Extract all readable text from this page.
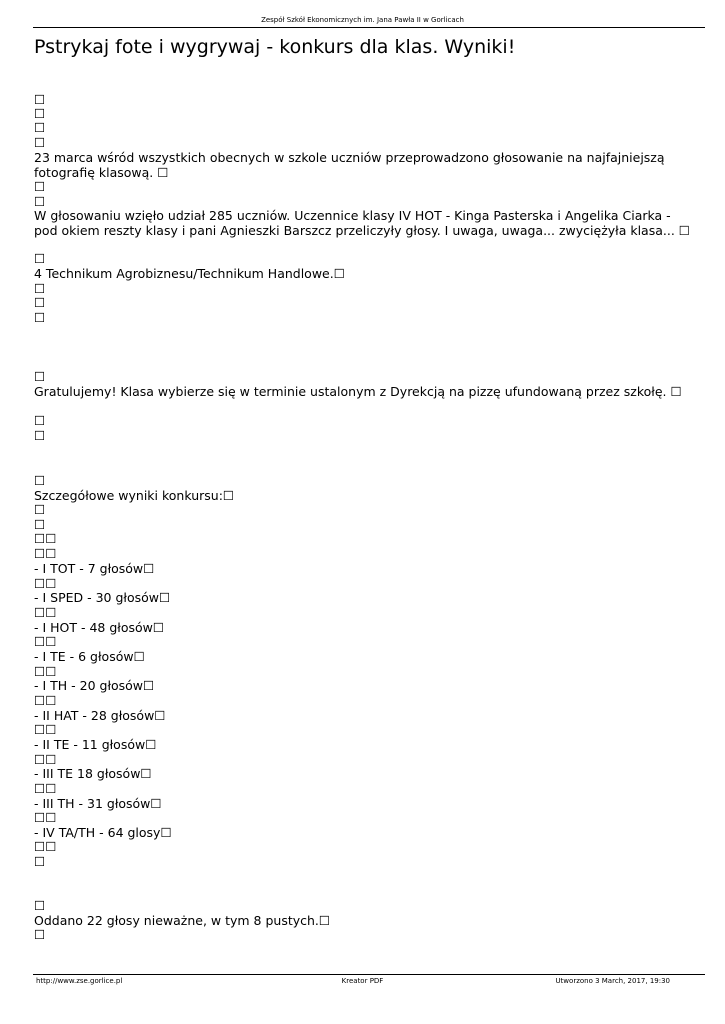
Zespół Szkół Ekonomicznych im. Jana Pawła II w Gorlicach
Pstrykaj fote i wygrywaj - konkurs dla klas. Wyniki!
☐
☐
☐
☐
23 marca wśród wszystkich obecnych w szkole uczniów przeprowadzono głosowanie na najfajniejszą
fotografię klasową. ☐
☐
☐
W głosowaniu wzięło udział 285 uczniów. Uczennice klasy IV HOT - Kinga Pasterska i Angelika Ciarka -
pod okiem reszty klasy i pani Agnieszki Barszcz przeliczyły głosy. I uwaga, uwaga... zwyciężyła klasa... ☐
☐
4 Technikum Agrobiznesu/Technikum Handlowe.☐
☐
☐
☐
☐
Gratulujemy! Klasa wybierze się w terminie ustalonym z Dyrekcją na pizzę ufundowaną przez szkołę. ☐
☐
☐
☐
Szczegółowe wyniki konkursu:☐
☐
☐
☐☐
☐☐
- I TOT - 7 głosów☐
☐☐
- I SPED - 30 głosów☐
☐☐
- I HOT - 48 głosów☐
☐☐
- I TE - 6 głosów☐
☐☐
- I TH - 20 głosów☐
☐☐
- II HAT - 28 głosów☐
☐☐
- II TE - 11 głosów☐
☐☐
- III TE 18 głosów☐
☐☐
- III TH - 31 głosów☐
☐☐
- IV TA/TH - 64 glosy☐
☐☐
☐
☐
Oddano 22 głosy nieważne, w tym 8 pustych.☐
☐
http://www.zse.gorlice.pl	Kreator PDF	Utworzono 3 March, 2017, 19:30
